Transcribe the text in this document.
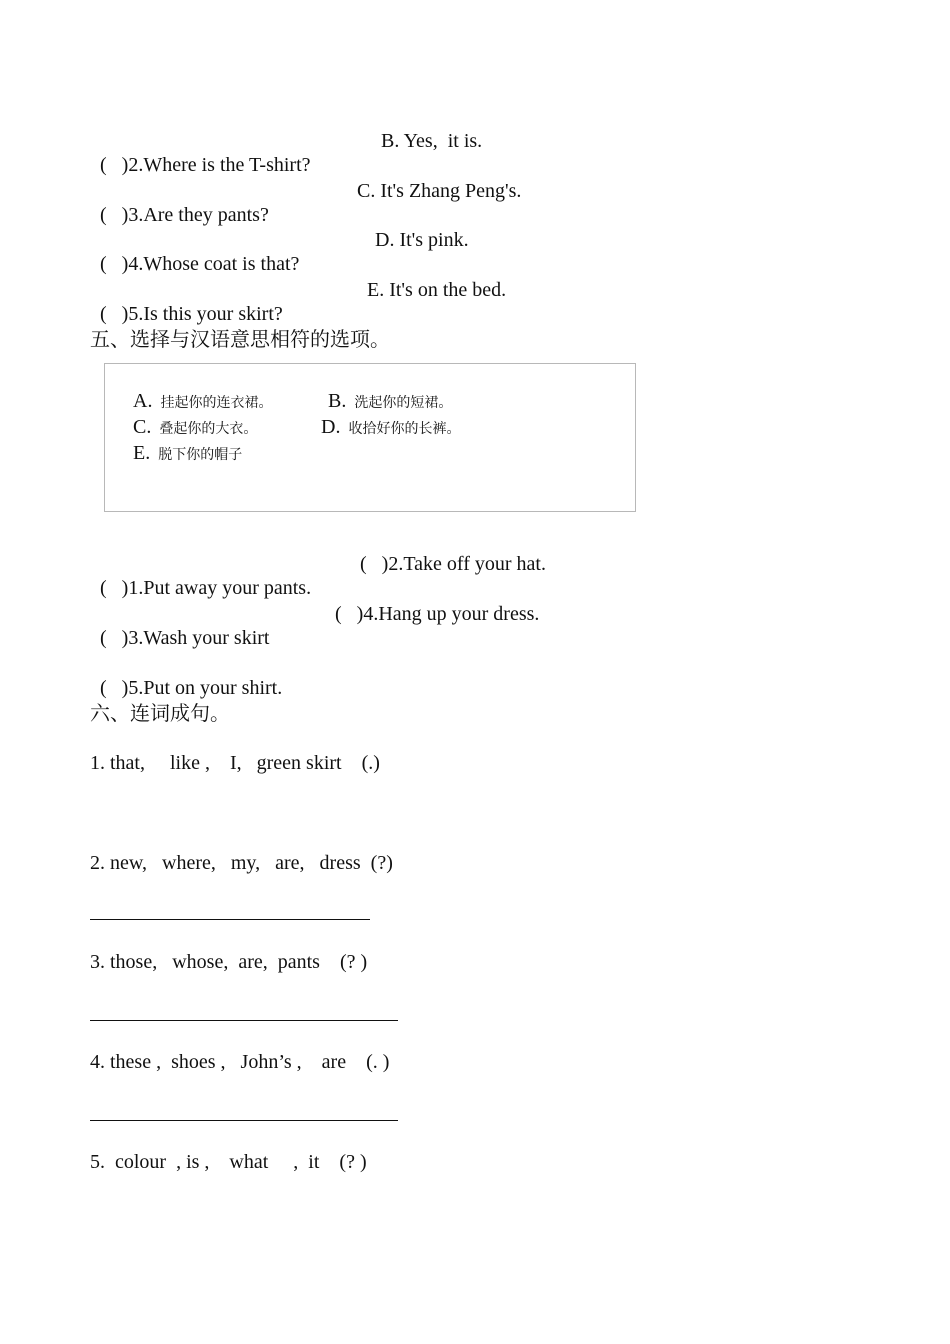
(   )2.Where is the T-shirt?

B. Yes,  it is.

(   )3.Are they pants?

C. It's Zhang Peng's.

(   )4.Whose coat is that?

D. It's pink.

(   )5.Is this your skirt?

E. It's on the bed.

五、选择与汉语意思相符的选项。

A. 挂起你的连衣裙。
	B. 洗起你的短裙。

C. 叠起你的大衣。
	D. 收拾好你的长裤。

E. 脱下你的帽子

(   )1.Put away your pants.

(   )2.Take off your hat.

(   )3.Wash your skirt

(   )4.Hang up your dress.

(   )5.Put on your shirt.

六、连词成句。
1. that,     like ,    I,   green skirt    (.)
2. new,   where,   my,   are,   dress  (?)
3. those,   whose,  are,  pants    (? )
4. these ,  shoes ,   John’s ,    are    (. )
5.  colour  , is ,    what     ,  it    (? )
